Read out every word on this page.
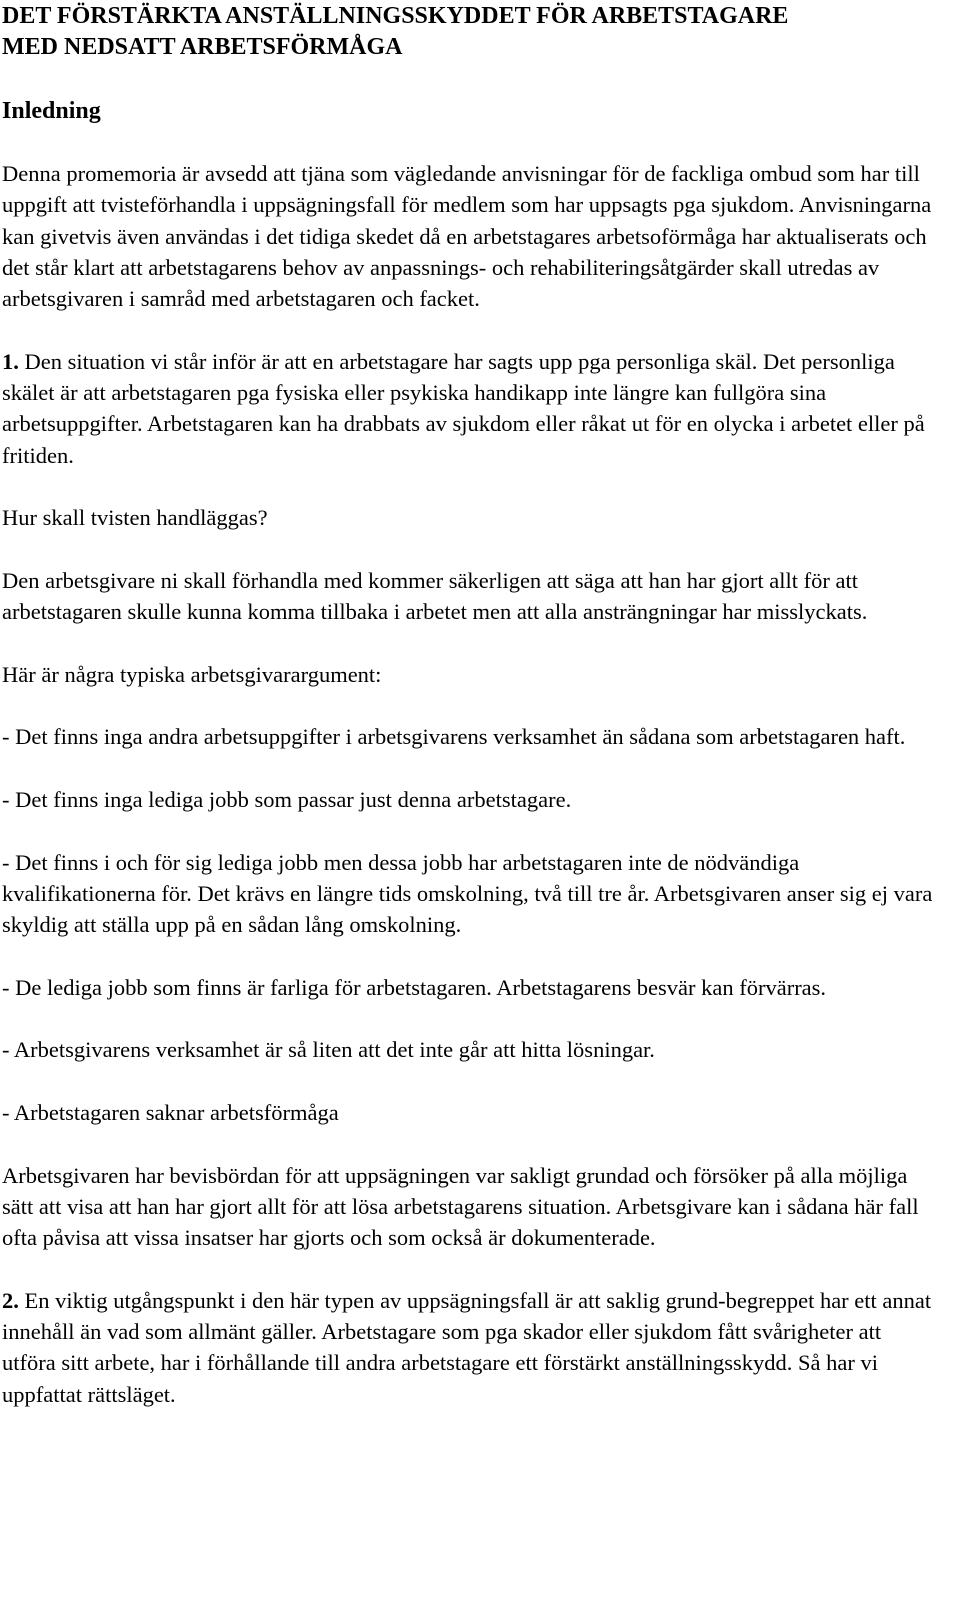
DET FÖRSTÄRKTA ANSTÄLLNINGSSKYDDET FÖR ARBETSTAGARE
MED NEDSATT ARBETSFÖRMÅGA
Inledning

Denna promemoria är avsedd att tjäna som vägledande anvisningar för de fackliga ombud som har till uppgift att tvisteförhandla i uppsägningsfall för medlem som har uppsagts pga sjukdom. Anvisningarna kan givetvis även användas i det tidiga skedet då en arbetstagares arbetsoförmåga har aktualiserats och det står klart att arbetstagarens behov av anpassnings- och rehabiliteringsåtgärder skall utredas av arbetsgivaren i samråd med arbetstagaren och facket.

1. Den situation vi står inför är att en arbetstagare har sagts upp pga personliga skäl. Det personliga skälet är att arbetstagaren pga fysiska eller psykiska handikapp inte längre kan fullgöra sina arbetsuppgifter. Arbetstagaren kan ha drabbats av sjukdom eller råkat ut för en olycka i arbetet eller på fritiden.

Hur skall tvisten handläggas?

Den arbetsgivare ni skall förhandla med kommer säkerligen att säga att han har gjort allt för att arbetstagaren skulle kunna komma tillbaka i arbetet men att alla ansträngningar har misslyckats.

Här är några typiska arbetsgivarargument:

- Det finns inga andra arbetsuppgifter i arbetsgivarens verksamhet än sådana som arbetstagaren haft.

- Det finns inga lediga jobb som passar just denna arbetstagare.

- Det finns i och för sig lediga jobb men dessa jobb har arbetstagaren inte de nödvändiga kvalifikationerna för. Det krävs en längre tids omskolning, två till tre år. Arbetsgivaren anser sig ej vara skyldig att ställa upp på en sådan lång omskolning.

- De lediga jobb som finns är farliga för arbetstagaren. Arbetstagarens besvär kan förvärras.

- Arbetsgivarens verksamhet är så liten att det inte går att hitta lösningar.

- Arbetstagaren saknar arbetsförmåga

Arbetsgivaren har bevisbördan för att uppsägningen var sakligt grundad och försöker på alla möjliga sätt att visa att han har gjort allt för att lösa arbetstagarens situation. Arbetsgivare kan i sådana här fall ofta påvisa att vissa insatser har gjorts och som också är dokumenterade.

2. En viktig utgångspunkt i den här typen av uppsägningsfall är att saklig grund-begreppet har ett annat innehåll än vad som allmänt gäller. Arbetstagare som pga skador eller sjukdom fått svårigheter att utföra sitt arbete, har i förhållande till andra arbetstagare ett förstärkt anställningsskydd. Så har vi uppfattat rättsläget.
